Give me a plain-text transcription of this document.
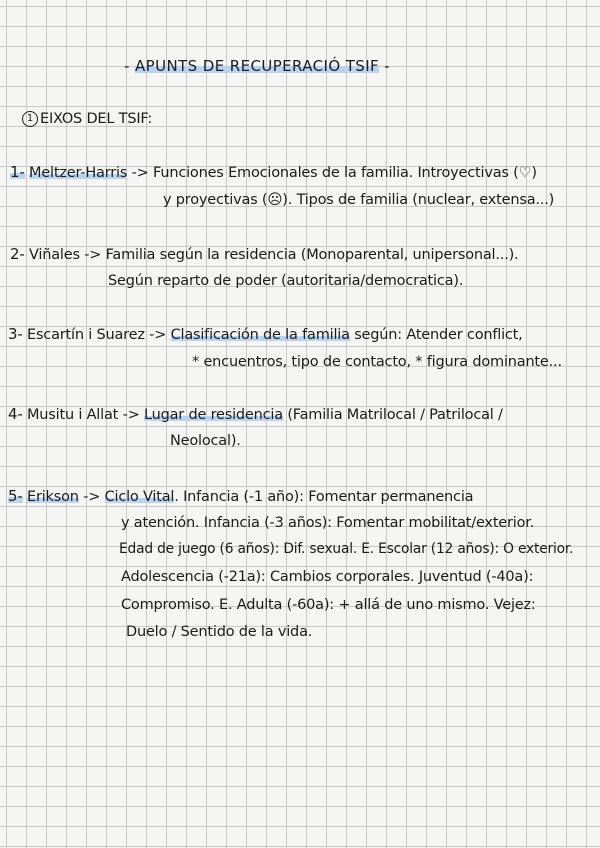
- APUNTS DE RECUPERACIÓ TSIF -
1 EIXOS DEL TSIF:
1- Meltzer-Harris -> Funciones Emocionales de la familia. Introyectivas (♡)
y proyectivas (☹). Tipos de familia (nuclear, extensa...)
2- Viñales -> Familia según la residencia (Monoparental, unipersonal...).
Según reparto de poder (autoritaria/democratica).
3- Escartín i Suarez -> Clasificación de la familia según: Atender conflict,
* encuentros, tipo de contacto, * figura dominante...
4- Musitu i Allat -> Lugar de residencia (Familia Matrilocal / Patrilocal /
Neolocal).
5- Erikson -> Ciclo Vital. Infancia (-1 año): Fomentar permanencia
y atención. Infancia (-3 años): Fomentar mobilitat/exterior.
Edad de juego (6 años): Dif. sexual. E. Escolar (12 años): O exterior.
Adolescencia (-21a): Cambios corporales. Juventud (-40a):
Compromiso. E. Adulta (-60a): + allá de uno mismo. Vejez:
Duelo / Sentido de la vida.
